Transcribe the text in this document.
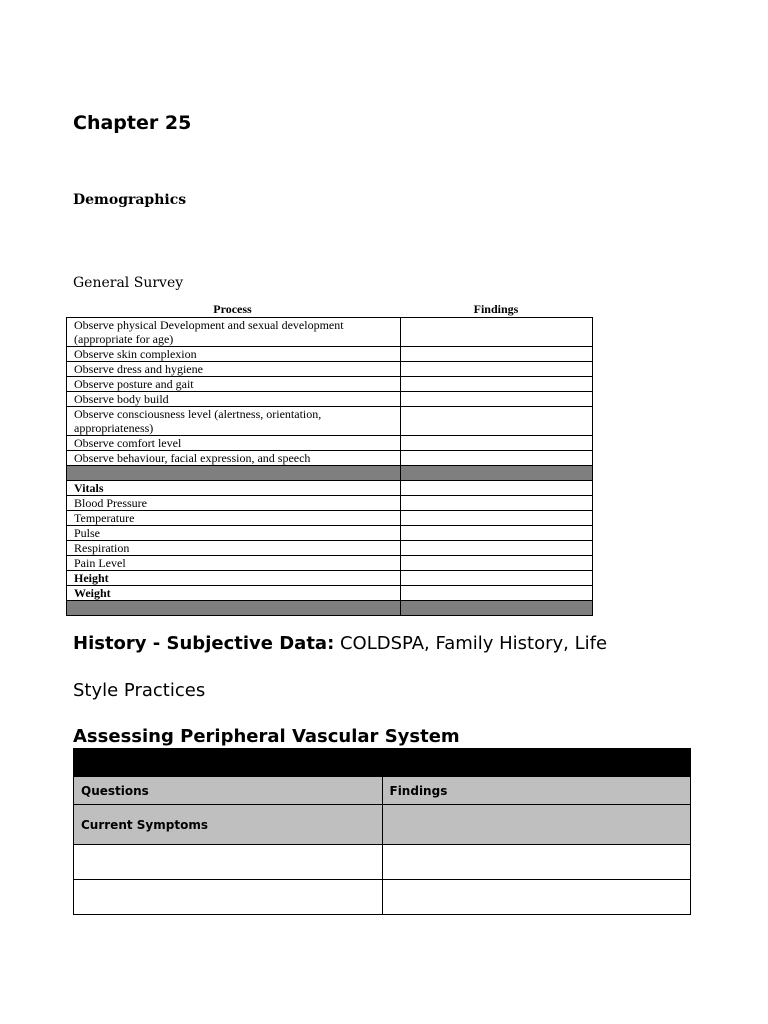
Chapter 25
Demographics
General Survey
Process	Findings
Observe physical Development and sexual development (appropriate for age)	
Observe skin complexion	
Observe dress and hygiene	
Observe posture and gait	
Observe body build	
Observe consciousness level (alertness, orientation, appropriateness)	
Observe comfort level	
Observe behaviour, facial expression, and speech	

Vitals	
Blood Pressure	
Temperature	
Pulse	
Respiration	
Pain Level	
Height	
Weight	

History - Subjective Data: COLDSPA, Family History, Life
Style Practices
Assessing Peripheral Vascular System

Questions	Findings
Current Symptoms	
